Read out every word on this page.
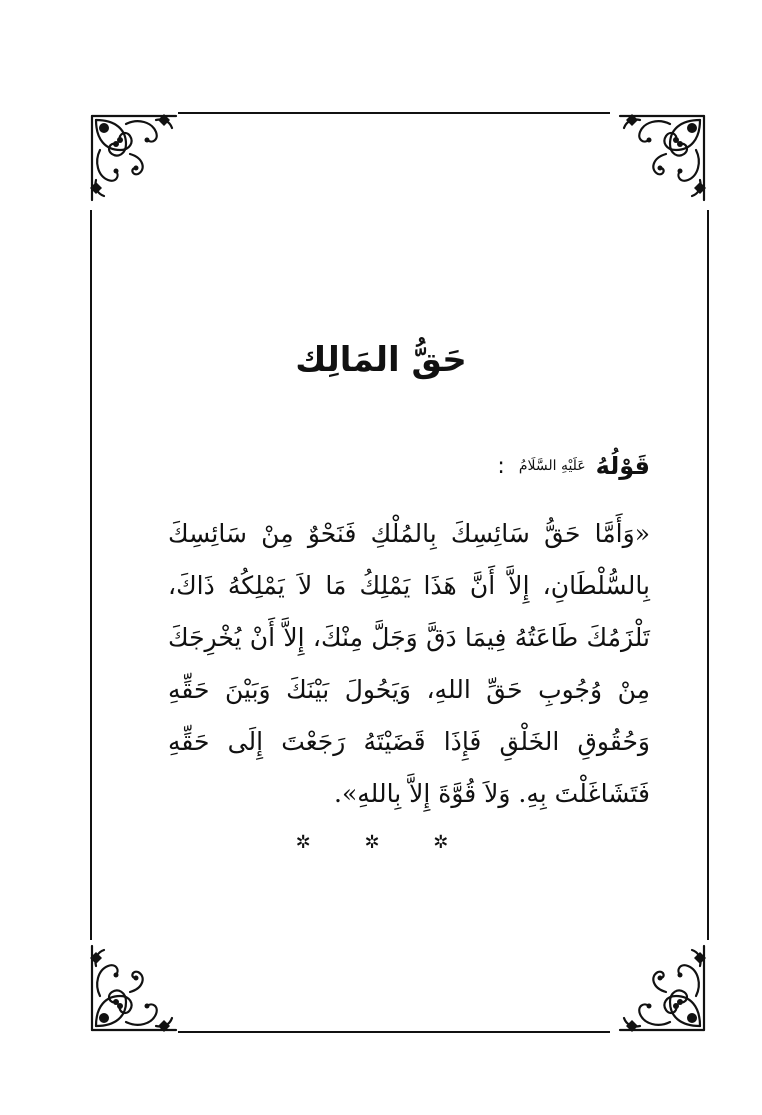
حَقُّ المَالِك
قَوْلُهُ
عَلَيْهِ السَّلَامُ
:
«وَأَمَّا حَقُّ سَائِسِكَ بِالمُلْكِ فَنَحْوٌ مِنْ سَائِسِكَ
بِالسُّلْطَانِ، إِلاَّ أَنَّ هَذَا يَمْلِكُ مَا لاَ يَمْلِكُهُ ذَاكَ،
تَلْزَمُكَ طَاعَتُهُ فِيمَا دَقَّ وَجَلَّ مِنْكَ، إِلاَّ أَنْ يُخْرِجَكَ
مِنْ وُجُوبِ حَقِّ اللهِ، وَيَحُولَ بَيْنَكَ وَبَيْنَ حَقِّهِ
وَحُقُوقِ الخَلْقِ فَإِذَا قَضَيْتَهُ رَجَعْتَ إِلَى حَقِّهِ
فَتَشَاغَلْتَ بِهِ. وَلاَ قُوَّةَ إِلاَّ بِاللهِ».
✲ ✲ ✲
